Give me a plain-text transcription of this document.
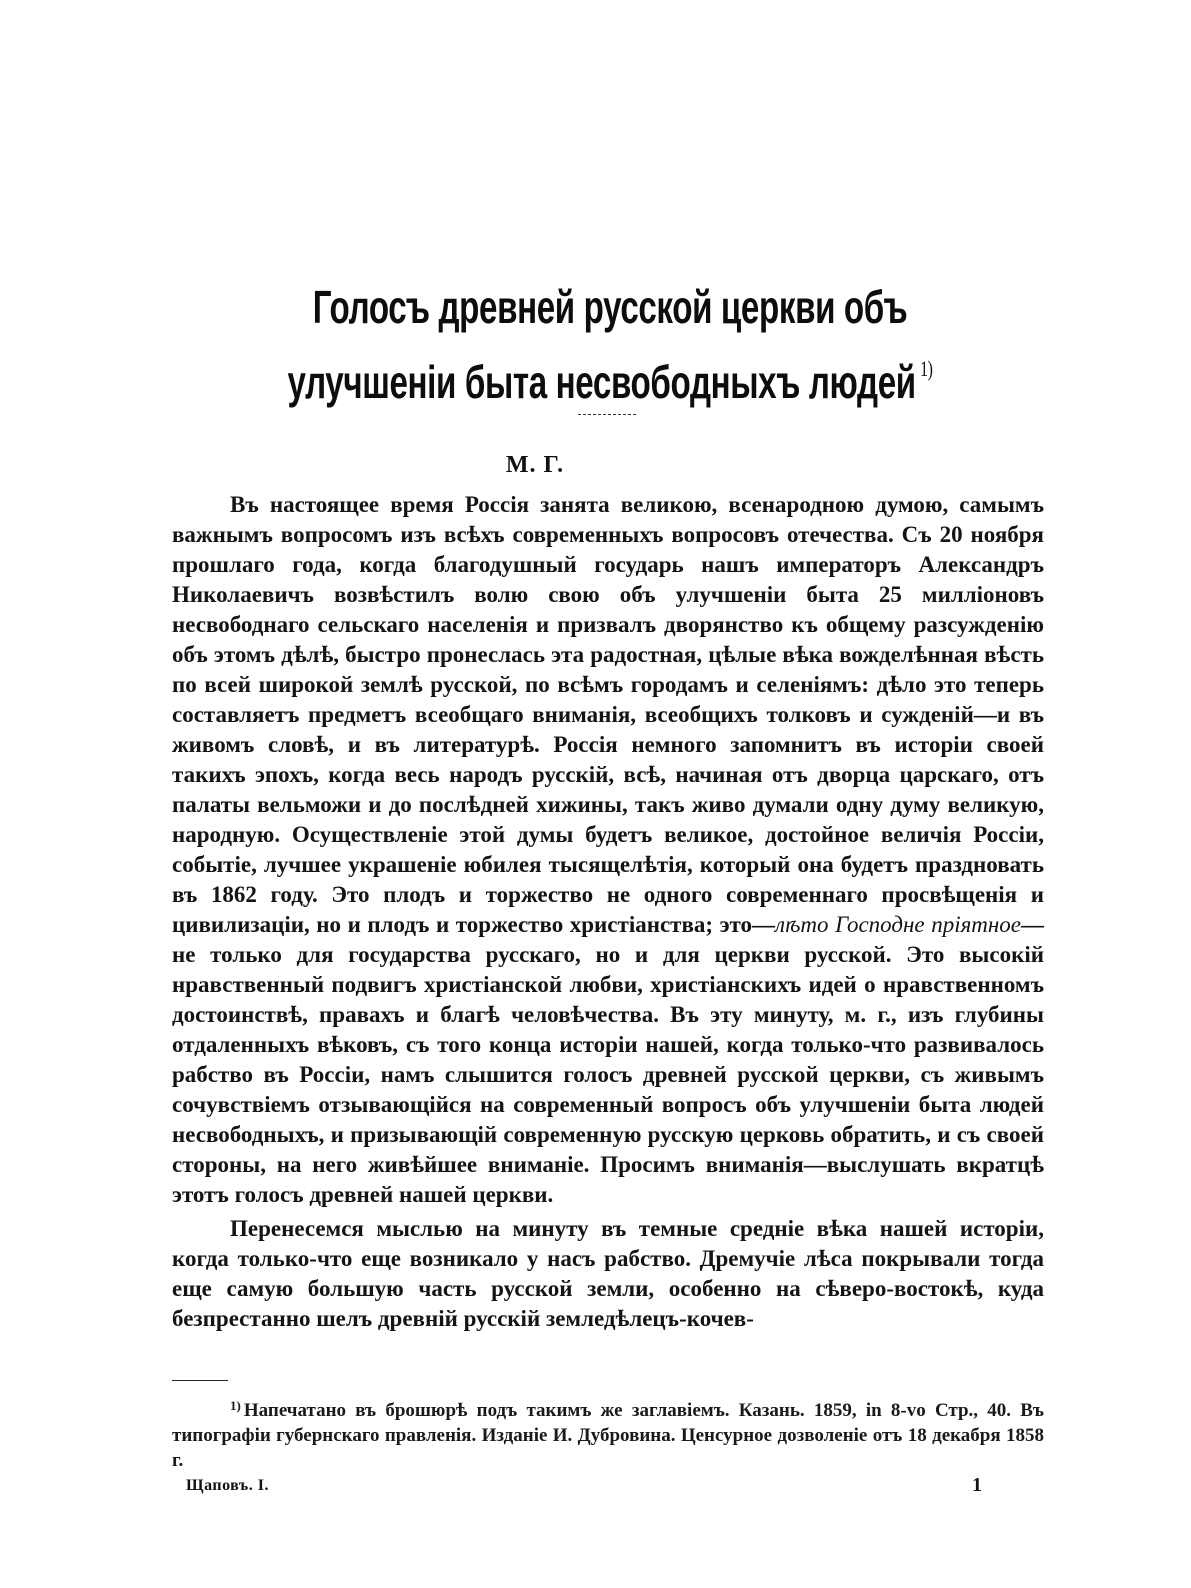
Голосъ древней русской церкви объ улучшенiи быта несвободныхъ людей $^{1)}$
М. Г.

Въ настоящее время Россiя занята великою, всенародною думою, самымъ важнымъ вопросомъ изъ всѣхъ современныхъ вопросовъ отечества. Съ 20 ноября прошлаго года, когда благодушный государь нашъ императоръ Александръ Николаевичъ возвѣстилъ волю свою объ улучшенiи быта 25 миллiоновъ несвободнаго сельскаго населенiя и призвалъ дворянство къ общему разсужденiю объ этомъ дѣлѣ, быстро пронеслась эта радостная, цѣлые вѣка вожделѣнная вѣсть по всей широкой землѣ русской, по всѣмъ городамъ и селенiямъ: дѣло это теперь составляетъ предметъ всеобщаго вниманiя, всеобщихъ толковъ и сужденiй—и въ живомъ словѣ, и въ литературѣ. Россiя немного запомнитъ въ исторiи своей такихъ эпохъ, когда весь народъ русскiй, всѣ, начиная отъ дворца царскаго, отъ палаты вельможи и до послѣдней хижины, такъ живо думали одну думу великую, народную. Осуществленiе этой думы будетъ великое, достойное величiя Россiи, событiе, лучшее украшенiе юбилея тысящелѣтiя, который она будетъ праздновать въ 1862 году. Это плодъ и торжество не одного современнаго просвѣщенiя и цивилизацiи, но и плодъ и торжество христiанства; это—лѣто Господне прiятное—не только для государства русскаго, но и для церкви русской. Это высокiй нравственный подвигъ христiанской любви, христiанскихъ идей о нравственномъ достоинствѣ, правахъ и благѣ человѣчества. Въ эту минуту, м. г., изъ глубины отдаленныхъ вѣковъ, съ того конца исторiи нашей, когда только-что развивалось рабство въ Россiи, намъ слышится голосъ древней русской церкви, съ живымъ сочувствiемъ отзывающiйся на современный вопросъ объ улучшенiи быта людей несвободныхъ, и призывающiй современную русскую церковь обратить, и съ своей стороны, на него живѣйшее вниманiе. Просимъ вниманiя—выслушать вкратцѣ этотъ голосъ древней нашей церкви.

Перенесемся мыслью на минуту въ темные среднiе вѣка нашей исторiи, когда только-что еще возникало у насъ рабство. Дремучiе лѣса покрывали тогда еще самую большую часть русской земли, особенно на сѣверо-востокѣ, куда безпрестанно шелъ древнiй русскiй земледѣлецъ-кочев-

$^{1)}$ Напечатано въ брошюрѣ подъ такимъ же заглавiемъ. Казань. 1859, in 8-vo Стр., 40. Въ типографiи губернскаго правленiя. Изданiе И. Дубровина. Ценсурное дозволенiе отъ 18 декабря 1858 г.
Щаповъ. I.	1
